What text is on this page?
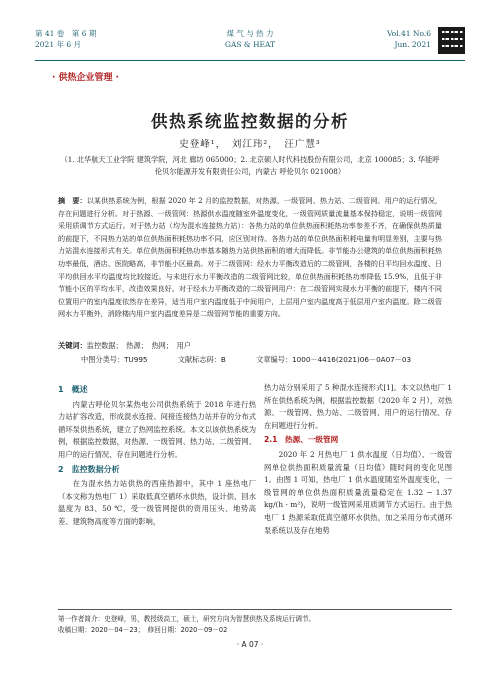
第 41 卷　第 6 期
2021 年 6 月
煤 气 与 热 力
GAS & HEAT
Vol.41 No.6
Jun. 2021
· 供热企业管理 ·
供热系统监控数据的分析
史登峰¹，　刘江玮²，　汪广慧³
（1. 北华航天工业学院 建筑学院，河北 廊坊 065000；2. 北京硕人时代科技股份有限公司，北京 100085；3. 华能呼伦贝尔能源开发有限责任公司，内蒙古 呼伦贝尔 021008）
摘　要：以某供热系统为例，根据 2020 年 2 月的监控数据，对热源、一级管网、热力站、二级管网、用户的运行情况，存在问题进行分析。对于热源、一级管网：热源供水温度随室外温度变化，一级管网质量流量基本保持稳定，说明一级管网采用质调节方式运行。对于热力站（均为混水连接热力站）：各热力站的单位供热面积耗热功率参差不齐，在确保供热质量的前提下，不同热力站的单位供热面积耗热功率不同，应区别对待。各热力站的单位供热面积耗电量有明显差别，主要与热力站混水连接形式有关。单位供热面积耗热功率基本随热力站供热面积的增大而降低。非节能办公建筑的单位供热面积耗热功率最低，酒店、医院略高，非节能小区最高。对于二级管网：经水力平衡改造后的二级管网，各楼的日平均回水温度、日平均供回水平均温度均比较接近。与未进行水力平衡改造的二级管网比较，单位供热面积耗热功率降低 15.9%，且低于非节能小区的平均水平，改造效果良好。对于经水力平衡改造的二级管网用户：在二级管网实现水力平衡的前提下，楼内不同位置用户的室内温度依然存在差异，适当用户室内温度低于中间用户，上层用户室内温度高于低层用户室内温度。除二级管网水力平衡外，消除楼内用户室内温度差异是二级管网节能的重要方向。
关键词：监控数据；　热源；　热网；　用户
中图分类号：TU995	文献标志码：B	文章编号：1000－4416(2021)06－0A07－03
1　概述

内蒙古呼伦贝尔某热电公司供热系统于 2018 年进行热力站扩容改造，形成混水连接、间接连接热力站并存的分布式循环泵供热系统，建立了热网监控系统。本文以该供热系统为例，根据监控数据，对热源、一级管网、热力站、二级管网、用户的运行情况、存在问题进行分析。

2　监控数据分析

在为混水热力站供热的西座热源中，其中 1 座热电厂（本文称为热电厂 1）采取低真空循环水供热，设计供、回水温度为 83、50 ℃，受一级管网提供的资用压头、地势高差、建筑物高度等方面的影响，

热力站分别采用了 5 种混水连接形式[1]。本文以热电厂 1 所在供热系统为例，根据监控数据（2020 年 2 月），对热源、一级管网、热力站、二级管网、用户的运行情况、存在问题进行分析。

2.1　热源、一级管网

2020 年 2 月热电厂 1 供水温度（日均值）、一级管网单位供热面积质量流量（日均值）随时间的变化见图 1。由图 1 可知，热电厂 1 供水温度随室外温度变化，一级管网的单位供热面积质量流量稳定在 1.32 − 1.37 kg/(h · m²)，说明一级管网采用质调节方式运行。由于热电厂 1 热源采取低真空循环水供热，加之采用分布式循环泵系统以及存在地势

第一作者简介：史登峰，男，教授级高工，硕士，研究方向为智慧供热及系统运行调节。
收稿日期：2020－04－23；　修回日期：2020－09－02
· A 07 ·
